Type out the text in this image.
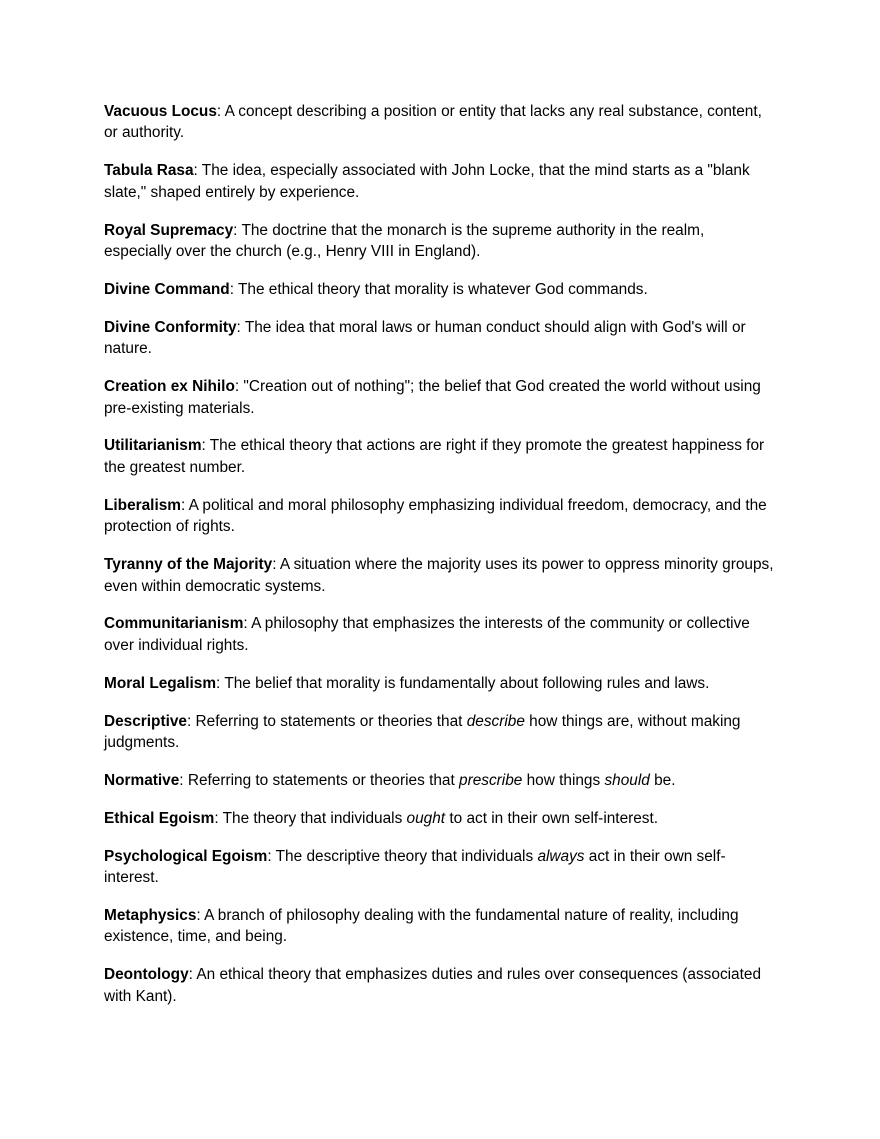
Vacuous Locus: A concept describing a position or entity that lacks any real substance, content, or authority.

Tabula Rasa: The idea, especially associated with John Locke, that the mind starts as a "blank slate," shaped entirely by experience.

Royal Supremacy: The doctrine that the monarch is the supreme authority in the realm, especially over the church (e.g., Henry VIII in England).

Divine Command: The ethical theory that morality is whatever God commands.

Divine Conformity: The idea that moral laws or human conduct should align with God's will or nature.

Creation ex Nihilo: "Creation out of nothing"; the belief that God created the world without using pre-existing materials.

Utilitarianism: The ethical theory that actions are right if they promote the greatest happiness for the greatest number.

Liberalism: A political and moral philosophy emphasizing individual freedom, democracy, and the protection of rights.

Tyranny of the Majority: A situation where the majority uses its power to oppress minority groups, even within democratic systems.

Communitarianism: A philosophy that emphasizes the interests of the community or collective over individual rights.

Moral Legalism: The belief that morality is fundamentally about following rules and laws.

Descriptive: Referring to statements or theories that describe how things are, without making judgments.

Normative: Referring to statements or theories that prescribe how things should be.

Ethical Egoism: The theory that individuals ought to act in their own self-interest.

Psychological Egoism: The descriptive theory that individuals always act in their own self-interest.

Metaphysics: A branch of philosophy dealing with the fundamental nature of reality, including existence, time, and being.

Deontology: An ethical theory that emphasizes duties and rules over consequences (associated with Kant).
